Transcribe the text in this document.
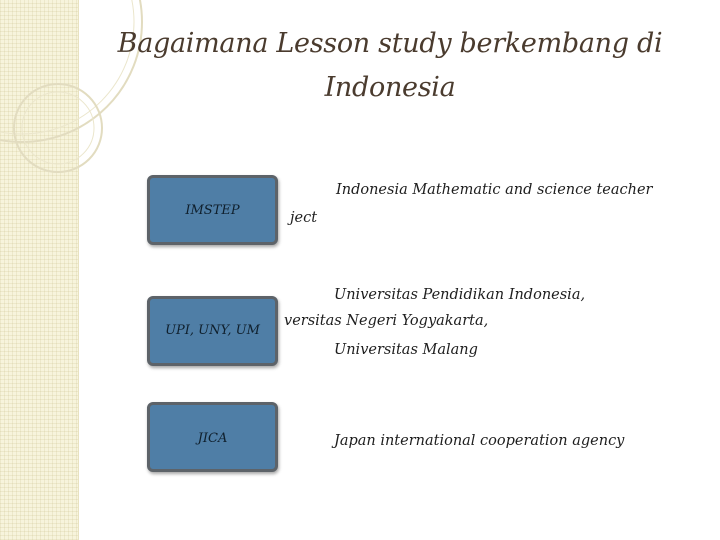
Bagaimana Lesson study berkembang di
Indonesia
IMSTEP
Indonesia Mathematic and science teacher
ject
UPI, UNY, UM
Universitas Pendidikan Indonesia,
versitas Negeri Yogyakarta,
Universitas Malang
JICA	Japan international cooperation agency
